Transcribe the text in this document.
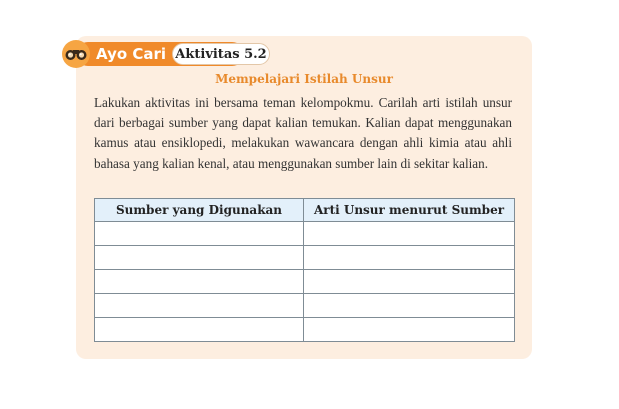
Ayo Cari Aktivitas 5.2
Mempelajari Istilah Unsur

Lakukan aktivitas ini bersama teman kelompokmu. Carilah arti istilah unsur dari berbagai sumber yang dapat kalian temukan. Kalian dapat menggunakan kamus atau ensiklopedi, melakukan wawancara dengan ahli kimia atau ahli bahasa yang kalian kenal, atau menggunakan sumber lain di sekitar kalian.

Sumber yang Digunakan	Arti Unsur menurut Sumber
